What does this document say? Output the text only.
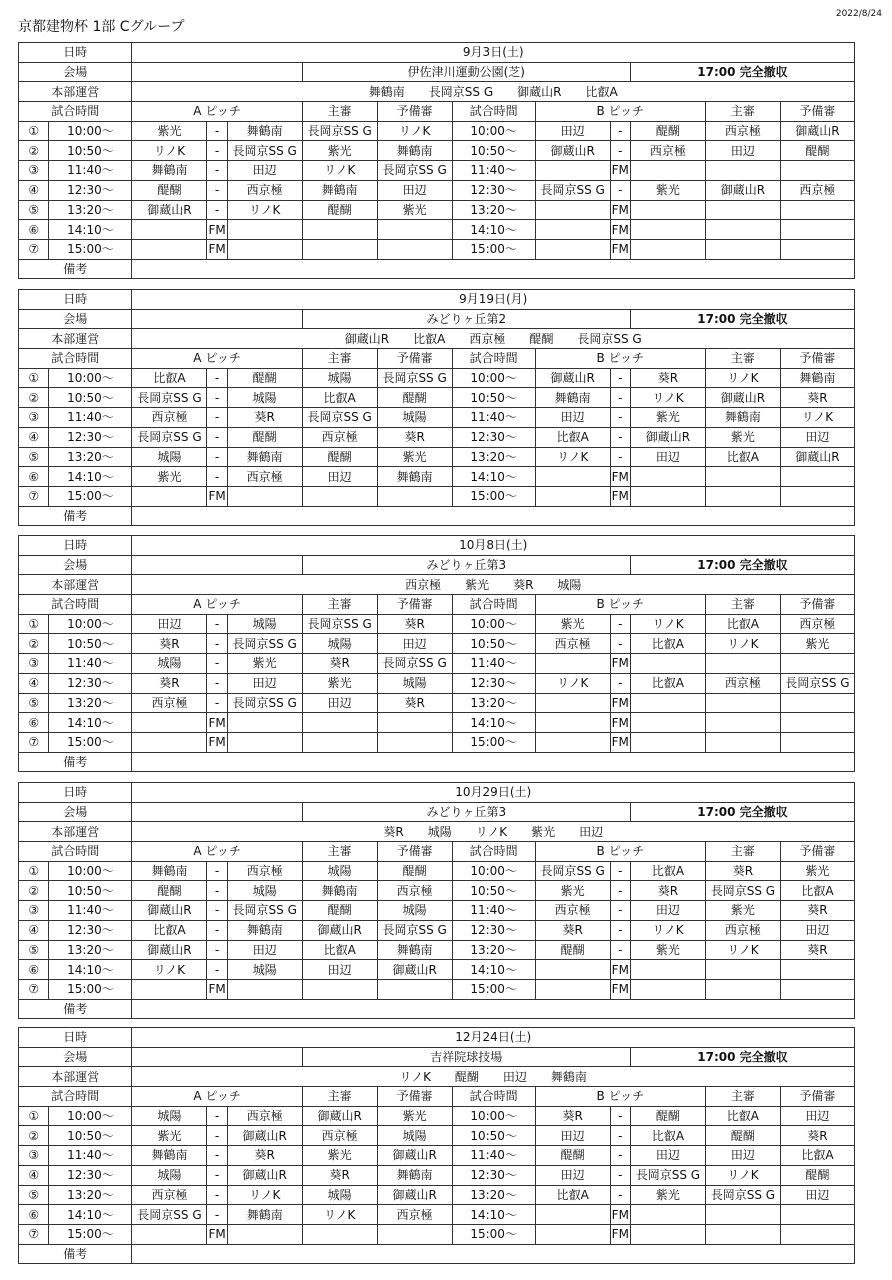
京都建物杯 1部 Cグループ
2022/8/24
日時		9月3日(土)										
会場					伊佐津川運動公園(芝)					17:00 完全撤収		
本部運営		舞鶴南　　長岡京SS G　　御蔵山R　　比叡A										
試合時間		A ピッチ			主審	予備審	試合時間	B ピッチ			主審	予備審
①	10:00～	紫光	-	舞鶴南	長岡京SS G	リノK	10:00～	田辺	-	醍醐	西京極	御蔵山R
②	10:50～	リノK	-	長岡京SS G	紫光	舞鶴南	10:50～	御蔵山R	-	西京極	田辺	醍醐
③	11:40～	舞鶴南	-	田辺	リノK	長岡京SS G	11:40～		FM			
④	12:30～	醍醐	-	西京極	舞鶴南	田辺	12:30～	長岡京SS G	-	紫光	御蔵山R	西京極
⑤	13:20～	御蔵山R	-	リノK	醍醐	紫光	13:20～		FM			
⑥	14:10～		FM				14:10～		FM			
⑦	15:00～		FM				15:00～		FM			
備考												
日時		9月19日(月)										
会場					みどりヶ丘第2					17:00 完全撤収		
本部運営		御蔵山R　　比叡A　　西京極　　醍醐　　長岡京SS G										
試合時間		A ピッチ			主審	予備審	試合時間	B ピッチ			主審	予備審
①	10:00～	比叡A	-	醍醐	城陽	長岡京SS G	10:00～	御蔵山R	-	葵R	リノK	舞鶴南
②	10:50～	長岡京SS G	-	城陽	比叡A	醍醐	10:50～	舞鶴南	-	リノK	御蔵山R	葵R
③	11:40～	西京極	-	葵R	長岡京SS G	城陽	11:40～	田辺	-	紫光	舞鶴南	リノK
④	12:30～	長岡京SS G	-	醍醐	西京極	葵R	12:30～	比叡A	-	御蔵山R	紫光	田辺
⑤	13:20～	城陽	-	舞鶴南	醍醐	紫光	13:20～	リノK	-	田辺	比叡A	御蔵山R
⑥	14:10～	紫光	-	西京極	田辺	舞鶴南	14:10～		FM			
⑦	15:00～		FM				15:00～		FM			
備考												
日時		10月8日(土)										
会場					みどりヶ丘第3					17:00 完全撤収		
本部運営		西京極　　紫光　　葵R　　城陽										
試合時間		A ピッチ			主審	予備審	試合時間	B ピッチ			主審	予備審
①	10:00～	田辺	-	城陽	長岡京SS G	葵R	10:00～	紫光	-	リノK	比叡A	西京極
②	10:50～	葵R	-	長岡京SS G	城陽	田辺	10:50～	西京極	-	比叡A	リノK	紫光
③	11:40～	城陽	-	紫光	葵R	長岡京SS G	11:40～		FM			
④	12:30～	葵R	-	田辺	紫光	城陽	12:30～	リノK	-	比叡A	西京極	長岡京SS G
⑤	13:20～	西京極	-	長岡京SS G	田辺	葵R	13:20～		FM			
⑥	14:10～		FM				14:10～		FM			
⑦	15:00～		FM				15:00～		FM			
備考												
日時		10月29日(土)										
会場					みどりヶ丘第3					17:00 完全撤収		
本部運営		葵R　　城陽　　リノK　　紫光　　田辺										
試合時間		A ピッチ			主審	予備審	試合時間	B ピッチ			主審	予備審
①	10:00～	舞鶴南	-	西京極	城陽	醍醐	10:00～	長岡京SS G	-	比叡A	葵R	紫光
②	10:50～	醍醐	-	城陽	舞鶴南	西京極	10:50～	紫光	-	葵R	長岡京SS G	比叡A
③	11:40～	御蔵山R	-	長岡京SS G	醍醐	城陽	11:40～	西京極	-	田辺	紫光	葵R
④	12:30～	比叡A	-	舞鶴南	御蔵山R	長岡京SS G	12:30～	葵R	-	リノK	西京極	田辺
⑤	13:20～	御蔵山R	-	田辺	比叡A	舞鶴南	13:20～	醍醐	-	紫光	リノK	葵R
⑥	14:10～	リノK	-	城陽	田辺	御蔵山R	14:10～		FM			
⑦	15:00～		FM				15:00～		FM			
備考												
日時		12月24日(土)										
会場					吉祥院球技場					17:00 完全撤収		
本部運営		リノK　　醍醐　　田辺　　舞鶴南										
試合時間		A ピッチ			主審	予備審	試合時間	B ピッチ			主審	予備審
①	10:00～	城陽	-	西京極	御蔵山R	紫光	10:00～	葵R	-	醍醐	比叡A	田辺
②	10:50～	紫光	-	御蔵山R	西京極	城陽	10:50～	田辺	-	比叡A	醍醐	葵R
③	11:40～	舞鶴南	-	葵R	紫光	御蔵山R	11:40～	醍醐	-	田辺	田辺	比叡A
④	12:30～	城陽	-	御蔵山R	葵R	舞鶴南	12:30～	田辺	-	長岡京SS G	リノK	醍醐
⑤	13:20～	西京極	-	リノK	城陽	御蔵山R	13:20～	比叡A	-	紫光	長岡京SS G	田辺
⑥	14:10～	長岡京SS G	-	舞鶴南	リノK	西京極	14:10～		FM			
⑦	15:00～		FM				15:00～		FM			
備考												
